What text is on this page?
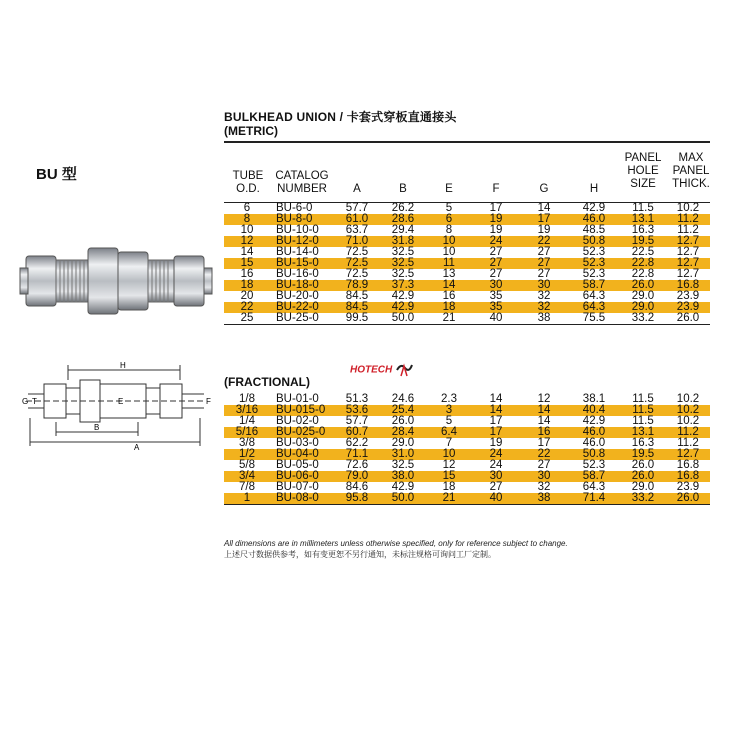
BU 型
H
G T	E	F
B
A
BULKHEAD UNION / 卡套式穿板直通接头
(METRIC)
TUBE
O.D.
CATALOG
NUMBER	A	B	E	F	G	H
PANEL
HOLE
SIZE
MAX
PANEL
THICK.
6	BU-6-0	57.7	26.2	5	17	14	42.9	11.5	10.2
8	BU-8-0	61.0	28.6	6	19	17	46.0	13.1	11.2
10	BU-10-0	63.7	29.4	8	19	19	48.5	16.3	11.2
12	BU-12-0	71.0	31.8	10	24	22	50.8	19.5	12.7
14	BU-14-0	72.5	32.5	10	27	27	52.3	22.5	12.7
15	BU-15-0	72.5	32.5	11	27	27	52.3	22.8	12.7
16	BU-16-0	72.5	32.5	13	27	27	52.3	22.8	12.7
18	BU-18-0	78.9	37.3	14	30	30	58.7	26.0	16.8
20	BU-20-0	84.5	42.9	16	35	32	64.3	29.0	23.9
22	BU-22-0	84.5	42.9	18	35	32	64.3	29.0	23.9
25	BU-25-0	99.5	50.0	21	40	38	75.5	33.2	26.0
(FRACTIONAL)
HOTECH
1/8	BU-01-0	51.3	24.6	2.3	14	12	38.1	11.5	10.2
3/16	BU-015-0	53.6	25.4	3	14	14	40.4	11.5	10.2
1/4	BU-02-0	57.7	26.0	5	17	14	42.9	11.5	10.2
5/16	BU-025-0	60.7	28.4	6.4	17	16	46.0	13.1	11.2
3/8	BU-03-0	62.2	29.0	7	19	17	46.0	16.3	11.2
1/2	BU-04-0	71.1	31.0	10	24	22	50.8	19.5	12.7
5/8	BU-05-0	72.6	32.5	12	24	27	52.3	26.0	16.8
3/4	BU-06-0	79.0	38.0	15	30	30	58.7	26.0	16.8
7/8	BU-07-0	84.6	42.9	18	27	32	64.3	29.0	23.9
1	BU-08-0	95.8	50.0	21	40	38	71.4	33.2	26.0
All dimensions are in millimeters unless otherwise specified, only for reference subject to change.
上述尺寸数据供参考，如有变更恕不另行通知，未标注规格可询问工厂定制。
